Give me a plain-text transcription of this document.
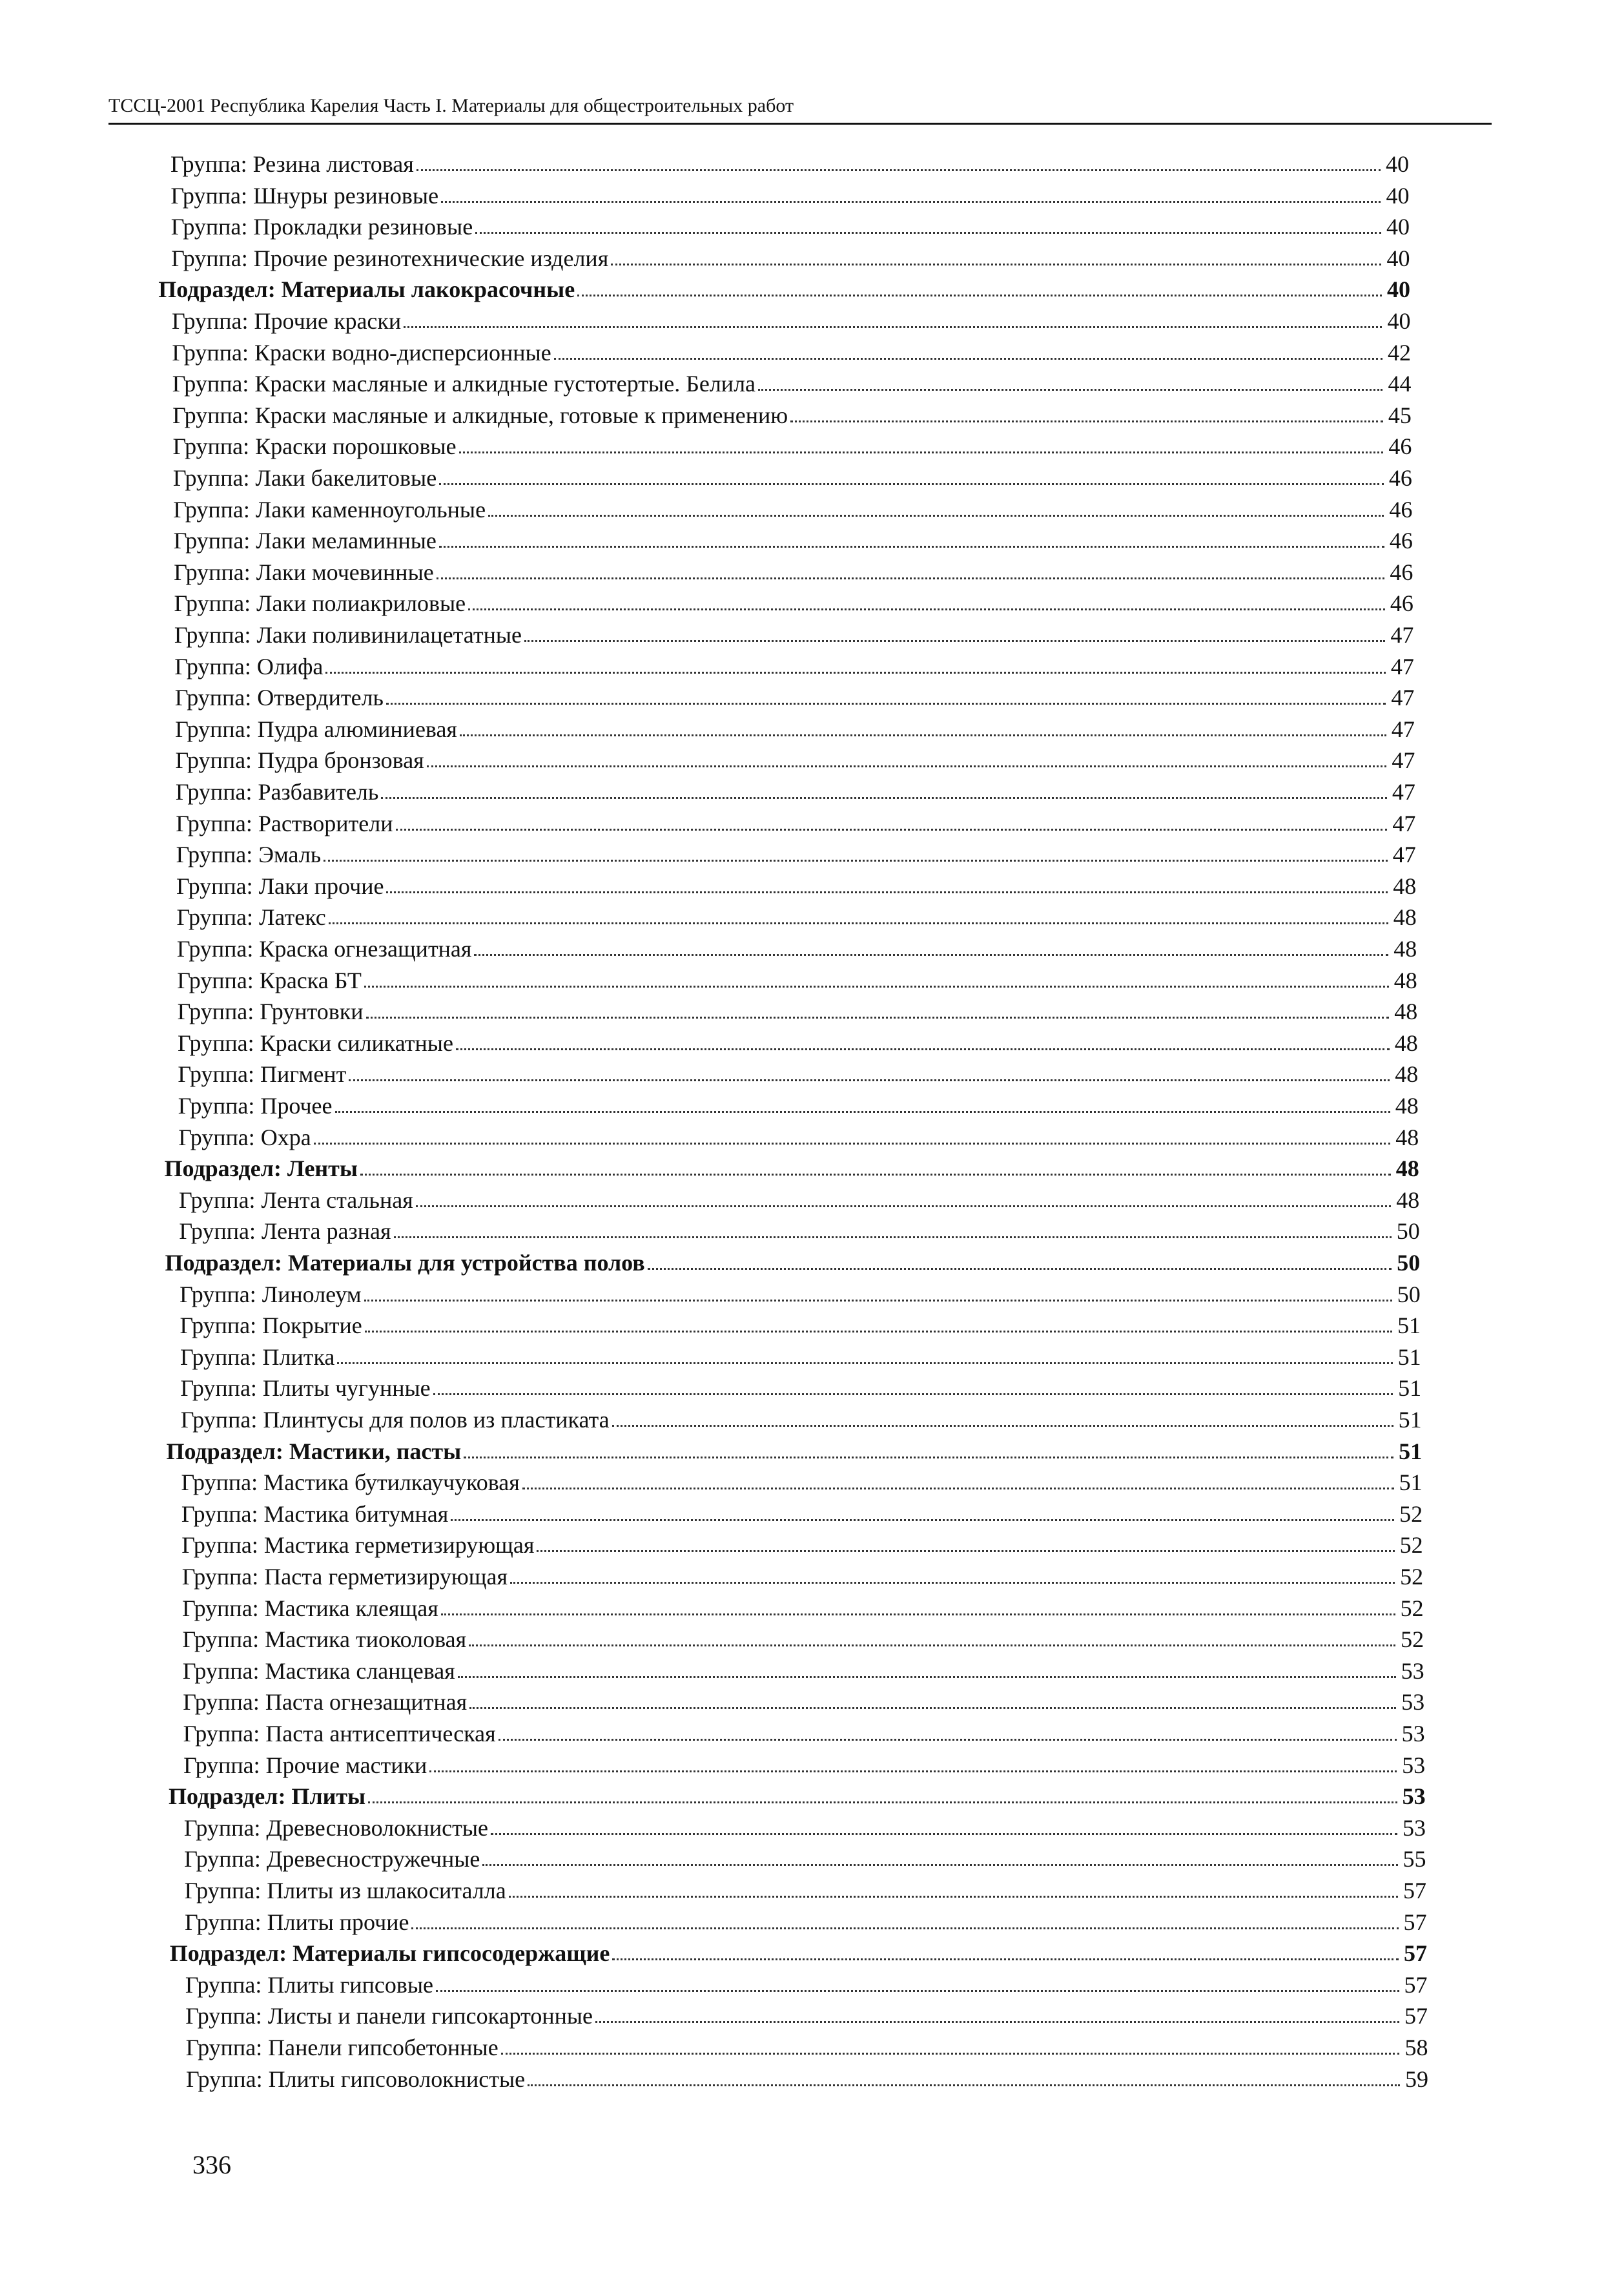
ТССЦ-2001 Республика Карелия Часть I. Материалы для общестроительных работ
Группа: Резина листовая	40
Группа: Шнуры резиновые	40
Группа: Прокладки резиновые	40
Группа: Прочие резинотехнические изделия	40
Подраздел: Материалы лакокрасочные	40
Группа: Прочие краски	40
Группа: Краски водно-дисперсионные	42
Группа: Краски масляные и алкидные густотертые. Белила	44
Группа: Краски масляные и алкидные, готовые к применению	45
Группа: Краски порошковые	46
Группа: Лаки бакелитовые	46
Группа: Лаки каменноугольные	46
Группа: Лаки меламинные	46
Группа: Лаки мочевинные	46
Группа: Лаки полиакриловые	46
Группа: Лаки поливинилацетатные	47
Группа: Олифа	47
Группа: Отвердитель	47
Группа: Пудра алюминиевая	47
Группа: Пудра бронзовая	47
Группа: Разбавитель	47
Группа: Растворители	47
Группа: Эмаль	47
Группа: Лаки прочие	48
Группа: Латекс	48
Группа: Краска огнезащитная	48
Группа: Краска БТ	48
Группа: Грунтовки	48
Группа: Краски силикатные	48
Группа: Пигмент	48
Группа: Прочее	48
Группа: Охра	48
Подраздел: Ленты	48
Группа: Лента стальная	48
Группа: Лента разная	50
Подраздел: Материалы для устройства полов	50
Группа: Линолеум	50
Группа: Покрытие	51
Группа: Плитка	51
Группа: Плиты чугунные	51
Группа: Плинтусы для полов из пластиката	51
Подраздел: Мастики, пасты	51
Группа: Мастика бутилкаучуковая	51
Группа: Мастика битумная	52
Группа: Мастика герметизирующая	52
Группа: Паста герметизирующая	52
Группа: Мастика клеящая	52
Группа: Мастика тиоколовая	52
Группа: Мастика сланцевая	53
Группа: Паста огнезащитная	53
Группа: Паста антисептическая	53
Группа: Прочие мастики	53
Подраздел: Плиты	53
Группа: Древесноволокнистые	53
Группа: Древесностружечные	55
Группа: Плиты из шлакоситалла	57
Группа: Плиты прочие	57
Подраздел: Материалы гипсосодержащие	57
Группа: Плиты гипсовые	57
Группа: Листы и панели гипсокартонные	57
Группа: Панели гипсобетонные	58
Группа: Плиты гипсоволокнистые	59
336
